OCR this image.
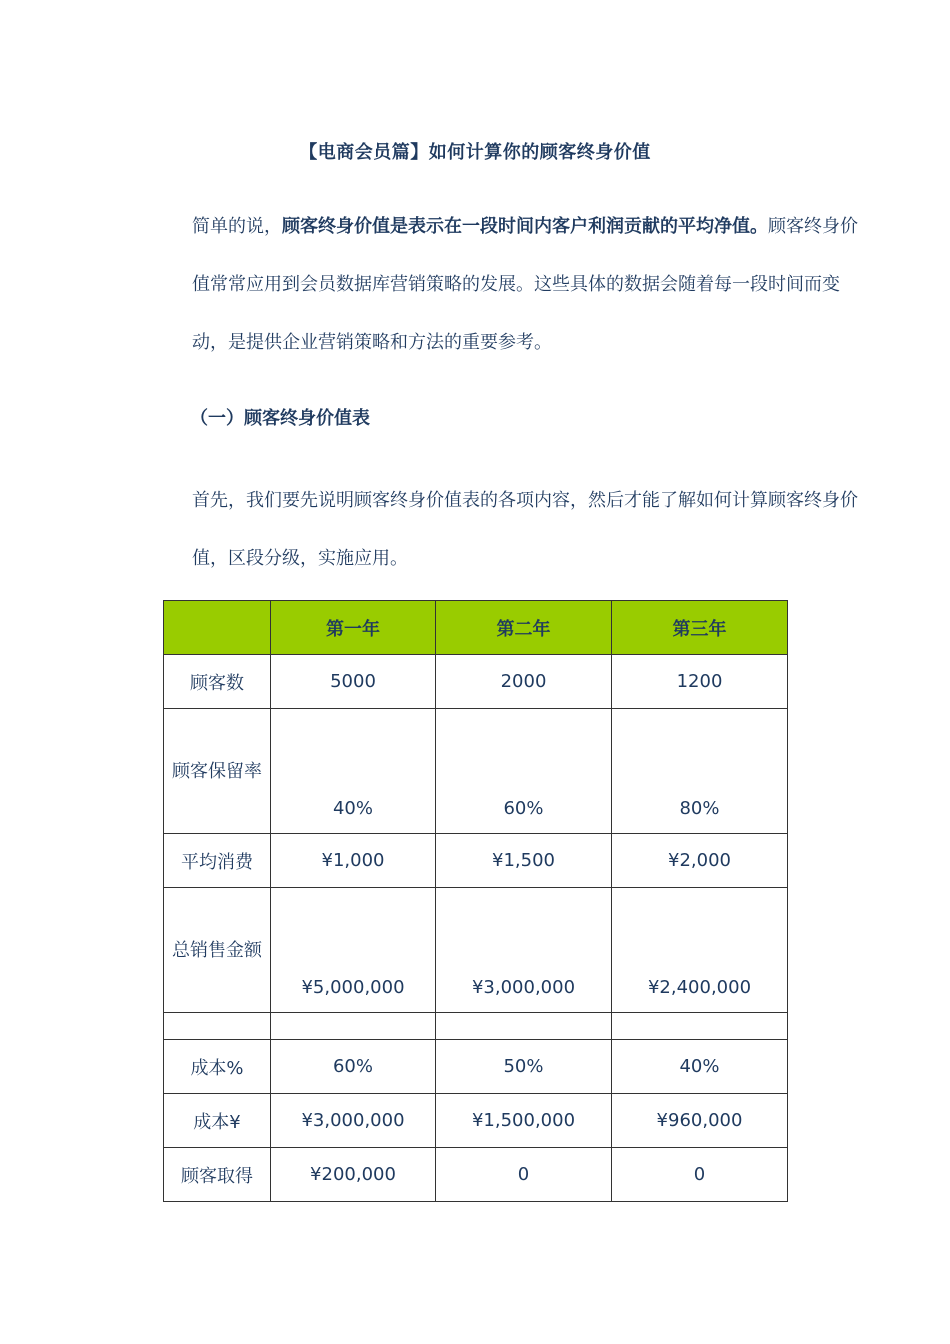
【电商会员篇】如何计算你的顾客终身价值

简单的说，顾客终身价值是表示在一段时间内客户利润贡献的平均净值。顾客终身价值常常应用到会员数据库营销策略的发展。这些具体的数据会随着每一段时间而变动，是提供企业营销策略和方法的重要参考。

（一）顾客终身价值表

首先，我们要先说明顾客终身价值表的各项内容，然后才能了解如何计算顾客终身价值，区段分级，实施应用。

	第一年	第二年	第三年
顾客数	5000	2000	1200
顾客保留率	40%	60%	80%
平均消费	¥1,000	¥1,500	¥2,000
总销售金额	¥5,000,000	¥3,000,000	¥2,400,000

成本%	60%	50%	40%
成本¥	¥3,000,000	¥1,500,000	¥960,000
顾客取得	¥200,000	0	0
